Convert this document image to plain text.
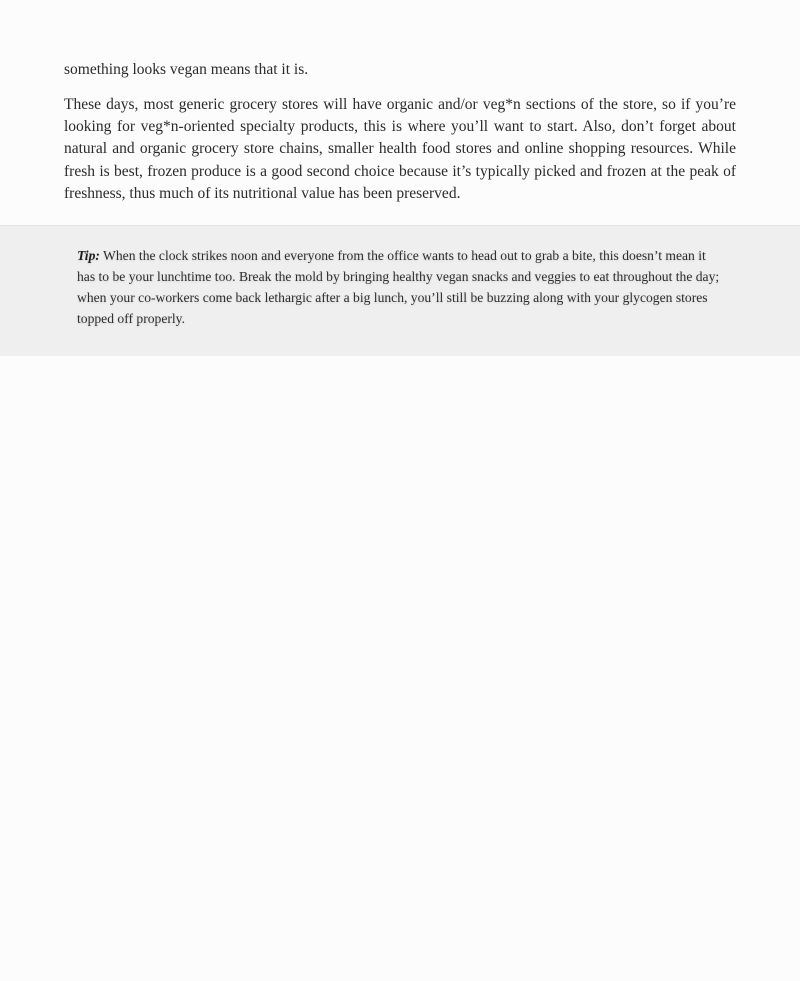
something looks vegan means that it is.

These days, most generic grocery stores will have organic and/or veg*n sections of the store, so if you’re looking for veg*n-oriented specialty products, this is where you’ll want to start. Also, don’t forget about natural and organic grocery store chains, smaller health food stores and online shopping resources. While fresh is best, frozen produce is a good second choice because it’s typically picked and frozen at the peak of freshness, thus much of its nutritional value has been preserved.

Tip: When the clock strikes noon and everyone from the office wants to head out to grab a bite, this doesn’t mean it has to be your lunchtime too. Break the mold by bringing healthy vegan snacks and veggies to eat throughout the day; when your co-workers come back lethargic after a big lunch, you’ll still be buzzing along with your glycogen stores topped off properly.
